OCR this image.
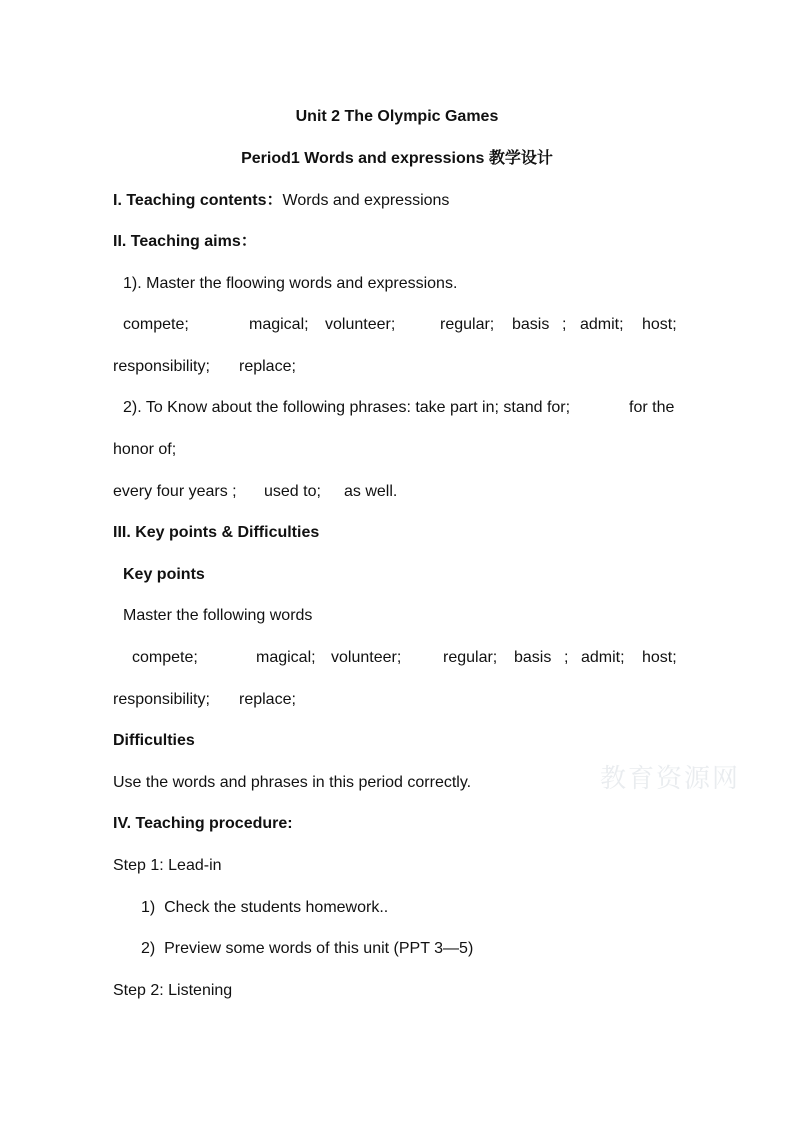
Unit 2 The Olympic Games
Period1 Words and expressions 教学设计
I. Teaching contents：Words and expressions
II. Teaching aims：
1). Master the floowing words and expressions.
compete;	magical; volunteer;	regular; basis ; admit; host;
responsibility; replace;
2). To Know about the following phrases: take part in; stand for;	for the
honor of;
every four years ; used to; as well.
III. Key points & Difficulties
Key points
Master the following words
compete;	magical; volunteer;	regular; basis ; admit; host;
responsibility; replace;
Difficulties
Use the words and phrases in this period correctly.
IV. Teaching procedure:
Step 1: Lead-in
1)  Check the students homework..
2)  Preview some words of this unit (PPT 3—5)
Step 2: Listening
教育资源网
